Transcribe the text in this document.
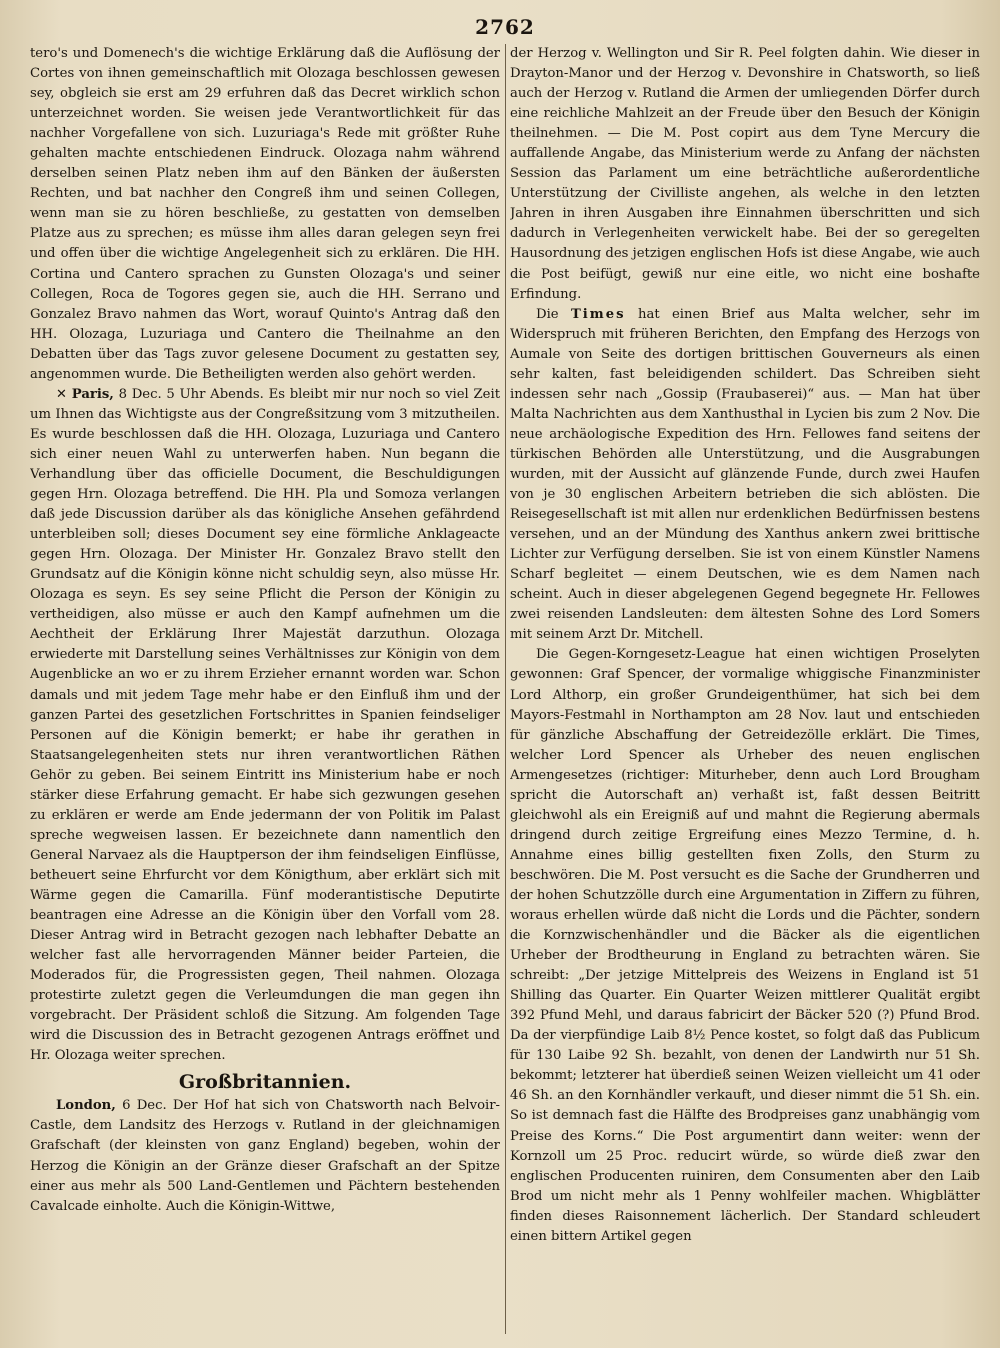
2762

tero's und Domenech's die wichtige Erklärung daß die Auflösung der Cortes von ihnen gemeinschaftlich mit Olozaga beschlossen gewesen sey, obgleich sie erst am 29 erfuhren daß das Decret wirklich schon unterzeichnet worden. Sie weisen jede Verantwortlichkeit für das nachher Vorgefallene von sich. Luzuriaga's Rede mit größter Ruhe gehalten machte entschiedenen Eindruck. Olozaga nahm während derselben seinen Platz neben ihm auf den Bänken der äußersten Rechten, und bat nachher den Congreß ihm und seinen Collegen, wenn man sie zu hören beschließe, zu gestatten von demselben Platze aus zu sprechen; es müsse ihm alles daran gelegen seyn frei und offen über die wichtige Angelegenheit sich zu erklären. Die HH. Cortina und Cantero sprachen zu Gunsten Olozaga's und seiner Collegen, Roca de Togores gegen sie, auch die HH. Serrano und Gonzalez Bravo nahmen das Wort, worauf Quinto's Antrag daß den HH. Olozaga, Luzuriaga und Cantero die Theilnahme an den Debatten über das Tags zuvor gelesene Document zu gestatten sey, angenommen wurde. Die Betheiligten werden also gehört werden.

✕ Paris, 8 Dec. 5 Uhr Abends. Es bleibt mir nur noch so viel Zeit um Ihnen das Wichtigste aus der Congreßsitzung vom 3 mitzutheilen. Es wurde beschlossen daß die HH. Olozaga, Luzuriaga und Cantero sich einer neuen Wahl zu unterwerfen haben. Nun begann die Verhandlung über das officielle Document, die Beschuldigungen gegen Hrn. Olozaga betreffend. Die HH. Pla und Somoza verlangen daß jede Discussion darüber als das königliche Ansehen gefährdend unterbleiben soll; dieses Document sey eine förmliche Anklageacte gegen Hrn. Olozaga. Der Minister Hr. Gonzalez Bravo stellt den Grundsatz auf die Königin könne nicht schuldig seyn, also müsse Hr. Olozaga es seyn. Es sey seine Pflicht die Person der Königin zu vertheidigen, also müsse er auch den Kampf aufnehmen um die Aechtheit der Erklärung Ihrer Majestät darzuthun. Olozaga erwiederte mit Darstellung seines Verhältnisses zur Königin von dem Augenblicke an wo er zu ihrem Erzieher ernannt worden war. Schon damals und mit jedem Tage mehr habe er den Einfluß ihm und der ganzen Partei des gesetzlichen Fortschrittes in Spanien feindseliger Personen auf die Königin bemerkt; er habe ihr gerathen in Staatsangelegenheiten stets nur ihren verantwortlichen Räthen Gehör zu geben. Bei seinem Eintritt ins Ministerium habe er noch stärker diese Erfahrung gemacht. Er habe sich gezwungen gesehen zu erklären er werde am Ende jedermann der von Politik im Palast spreche wegweisen lassen. Er bezeichnete dann namentlich den General Narvaez als die Hauptperson der ihm feindseligen Einflüsse, betheuert seine Ehrfurcht vor dem Königthum, aber erklärt sich mit Wärme gegen die Camarilla. Fünf moderantistische Deputirte beantragen eine Adresse an die Königin über den Vorfall vom 28. Dieser Antrag wird in Betracht gezogen nach lebhafter Debatte an welcher fast alle hervorragenden Männer beider Parteien, die Moderados für, die Progressisten gegen, Theil nahmen. Olozaga protestirte zuletzt gegen die Verleumdungen die man gegen ihn vorgebracht. Der Präsident schloß die Sitzung. Am folgenden Tage wird die Discussion des in Betracht gezogenen Antrags eröffnet und Hr. Olozaga weiter sprechen.

Großbritannien.

London, 6 Dec. Der Hof hat sich von Chatsworth nach Belvoir-Castle, dem Landsitz des Herzogs v. Rutland in der gleichnamigen Grafschaft (der kleinsten von ganz England) begeben, wohin der Herzog die Königin an der Gränze dieser Grafschaft an der Spitze einer aus mehr als 500 Land-Gentlemen und Pächtern bestehenden Cavalcade einholte. Auch die Königin-Wittwe,

der Herzog v. Wellington und Sir R. Peel folgten dahin. Wie dieser in Drayton-Manor und der Herzog v. Devonshire in Chatsworth, so ließ auch der Herzog v. Rutland die Armen der umliegenden Dörfer durch eine reichliche Mahlzeit an der Freude über den Besuch der Königin theilnehmen. — Die M. Post copirt aus dem Tyne Mercury die auffallende Angabe, das Ministerium werde zu Anfang der nächsten Session das Parlament um eine beträchtliche außerordentliche Unterstützung der Civilliste angehen, als welche in den letzten Jahren in ihren Ausgaben ihre Einnahmen überschritten und sich dadurch in Verlegenheiten verwickelt habe. Bei der so geregelten Hausordnung des jetzigen englischen Hofs ist diese Angabe, wie auch die Post beifügt, gewiß nur eine eitle, wo nicht eine boshafte Erfindung.

Die Times hat einen Brief aus Malta welcher, sehr im Widerspruch mit früheren Berichten, den Empfang des Herzogs von Aumale von Seite des dortigen brittischen Gouverneurs als einen sehr kalten, fast beleidigenden schildert. Das Schreiben sieht indessen sehr nach „Gossip (Fraubaserei)“ aus. — Man hat über Malta Nachrichten aus dem Xanthusthal in Lycien bis zum 2 Nov. Die neue archäologische Expedition des Hrn. Fellowes fand seitens der türkischen Behörden alle Unterstützung, und die Ausgrabungen wurden, mit der Aussicht auf glänzende Funde, durch zwei Haufen von je 30 englischen Arbeitern betrieben die sich ablösten. Die Reisegesellschaft ist mit allen nur erdenklichen Bedürfnissen bestens versehen, und an der Mündung des Xanthus ankern zwei brittische Lichter zur Verfügung derselben. Sie ist von einem Künstler Namens Scharf begleitet — einem Deutschen, wie es dem Namen nach scheint. Auch in dieser abgelegenen Gegend begegnete Hr. Fellowes zwei reisenden Landsleuten: dem ältesten Sohne des Lord Somers mit seinem Arzt Dr. Mitchell.

Die Gegen-Korngesetz-League hat einen wichtigen Proselyten gewonnen: Graf Spencer, der vormalige whiggische Finanzminister Lord Althorp, ein großer Grundeigenthümer, hat sich bei dem Mayors-Festmahl in Northampton am 28 Nov. laut und entschieden für gänzliche Abschaffung der Getreidezölle erklärt. Die Times, welcher Lord Spencer als Urheber des neuen englischen Armengesetzes (richtiger: Miturheber, denn auch Lord Brougham spricht die Autorschaft an) verhaßt ist, faßt dessen Beitritt gleichwohl als ein Ereigniß auf und mahnt die Regierung abermals dringend durch zeitige Ergreifung eines Mezzo Termine, d. h. Annahme eines billig gestellten fixen Zolls, den Sturm zu beschwören. Die M. Post versucht es die Sache der Grundherren und der hohen Schutzzölle durch eine Argumentation in Ziffern zu führen, woraus erhellen würde daß nicht die Lords und die Pächter, sondern die Kornzwischenhändler und die Bäcker als die eigentlichen Urheber der Brodtheurung in England zu betrachten wären. Sie schreibt: „Der jetzige Mittelpreis des Weizens in England ist 51 Shilling das Quarter. Ein Quarter Weizen mittlerer Qualität ergibt 392 Pfund Mehl, und daraus fabricirt der Bäcker 520 (?) Pfund Brod. Da der vierpfündige Laib 8½ Pence kostet, so folgt daß das Publicum für 130 Laibe 92 Sh. bezahlt, von denen der Landwirth nur 51 Sh. bekommt; letzterer hat überdieß seinen Weizen vielleicht um 41 oder 46 Sh. an den Kornhändler verkauft, und dieser nimmt die 51 Sh. ein. So ist demnach fast die Hälfte des Brodpreises ganz unabhängig vom Preise des Korns.“ Die Post argumentirt dann weiter: wenn der Kornzoll um 25 Proc. reducirt würde, so würde dieß zwar den englischen Producenten ruiniren, dem Consumenten aber den Laib Brod um nicht mehr als 1 Penny wohlfeiler machen. Whigblätter finden dieses Raisonnement lächerlich. Der Standard schleudert einen bittern Artikel gegen
